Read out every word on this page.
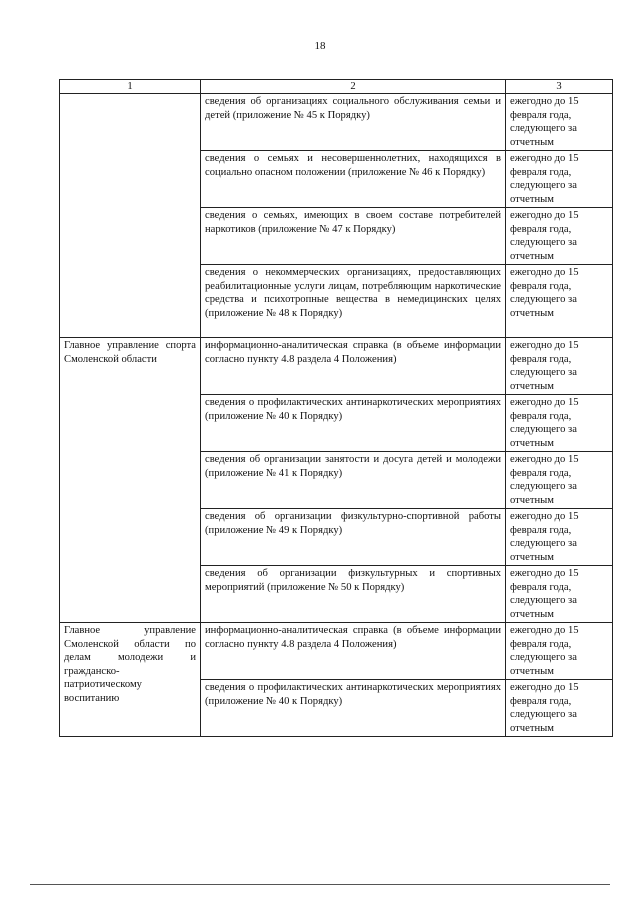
18
1	2	3
	сведения об организациях социального обслуживания семьи и детей (приложение № 45 к Порядку)	ежегодно до 15 февраля года, следующего за отчетным
	сведения о семьях и несовершеннолетних, находящихся в социально опасном положении (приложение № 46 к Порядку)	ежегодно до 15 февраля года, следующего за отчетным
	сведения о семьях, имеющих в своем составе потребителей наркотиков (приложение № 47 к Порядку)	ежегодно до 15 февраля года, следующего за отчетным
	сведения о некоммерческих организациях, предоставляющих реабилитационные услуги лицам, потребляющим наркотические средства и психотропные вещества в немедицинских целях (приложение № 48 к Порядку)	ежегодно до 15 февраля года, следующего за отчетным
Главное управление спорта Смоленской области	информационно-аналитическая справка (в объеме информации согласно пункту 4.8 раздела 4 Положения)	ежегодно до 15 февраля года, следующего за отчетным
	сведения о профилактических антинаркотических мероприятиях (приложение № 40 к Порядку)	ежегодно до 15 февраля года, следующего за отчетным
	сведения об организации занятости и досуга детей и молодежи (приложение № 41 к Порядку)	ежегодно до 15 февраля года, следующего за отчетным
	сведения об организации физкультурно-спортивной работы (приложение № 49 к Порядку)	ежегодно до 15 февраля года, следующего за отчетным
	сведения об организации физкультурных и спортивных мероприятий (приложение № 50 к Порядку)	ежегодно до 15 февраля года, следующего за отчетным
Главное управление Смоленской области по делам молодежи и гражданско-патриотическому воспитанию	информационно-аналитическая справка (в объеме информации согласно пункту 4.8 раздела 4 Положения)	ежегодно до 15 февраля года, следующего за отчетным
	сведения о профилактических антинаркотических мероприятиях (приложение № 40 к Порядку)	ежегодно до 15 февраля года, следующего за отчетным
